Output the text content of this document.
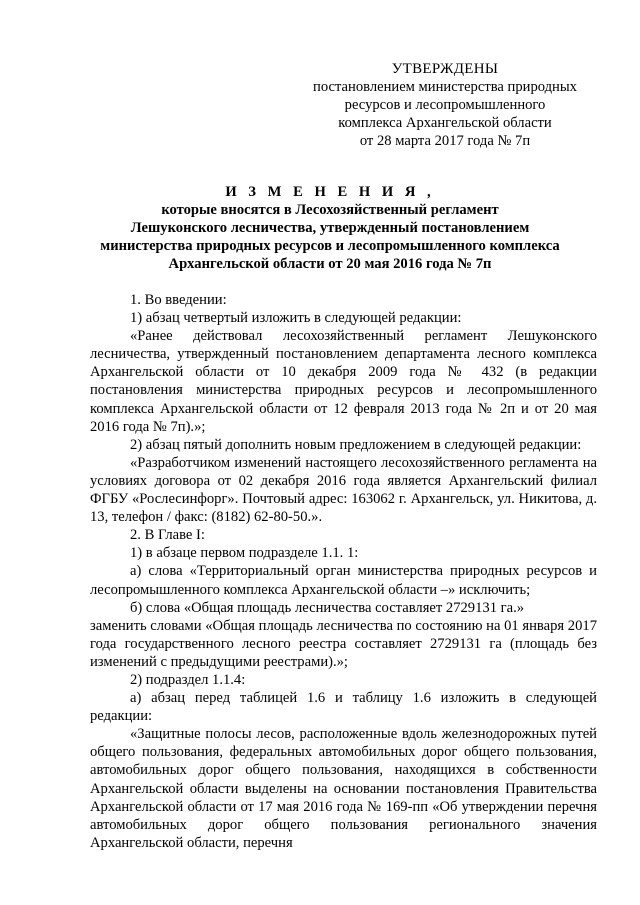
УТВЕРЖДЕНЫ
постановлением министерства природных
ресурсов и лесопромышленного
комплекса Архангельской области
от 28 марта 2017 года № 7п
И З М Е Н Е Н И Я ,
которые вносятся в Лесохозяйственный регламент
Лешуконского лесничества, утвержденный постановлением
министерства природных ресурсов и лесопромышленного комплекса
Архангельской области от 20 мая 2016 года № 7п

1. Во введении:

1) абзац четвертый изложить в следующей редакции:

«Ранее действовал лесохозяйственный регламент Лешуконского лесничества, утвержденный постановлением департамента лесного комплекса Архангельской области от 10 декабря 2009 года № 432 (в редакции постановления министерства природных ресурсов и лесопромышленного комплекса Архангельской области от 12 февраля 2013 года № 2п и от 20 мая 2016 года № 7п).»;

2) абзац пятый дополнить новым предложением в следующей редакции:

«Разработчиком изменений настоящего лесохозяйственного регламента на условиях договора от 02 декабря 2016 года является Архангельский филиал ФГБУ «Рослесинфорг». Почтовый адрес: 163062 г. Архангельск, ул. Никитова, д. 13, телефон / факс: (8182) 62-80-50.».

2. В Главе I:

1) в абзаце первом подразделе 1.1. 1:

а) слова «Территориальный орган министерства природных ресурсов и лесопромышленного комплекса Архангельской области –» исключить;

б) слова «Общая площадь лесничества составляет 2729131 га.»

заменить словами «Общая площадь лесничества по состоянию на 01 января 2017 года государственного лесного реестра составляет 2729131 га (площадь без изменений с предыдущими реестрами).»;

2) подраздел 1.1.4:

а) абзац перед таблицей 1.6 и таблицу 1.6 изложить в следующей редакции:

«Защитные полосы лесов, расположенные вдоль железнодорожных путей общего пользования, федеральных автомобильных дорог общего пользования, автомобильных дорог общего пользования, находящихся в собственности Архангельской области выделены на основании постановления Правительства Архангельской области от 17 мая 2016 года № 169-пп «Об утверждении перечня автомобильных дорог общего пользования регионального значения Архангельской области, перечня
